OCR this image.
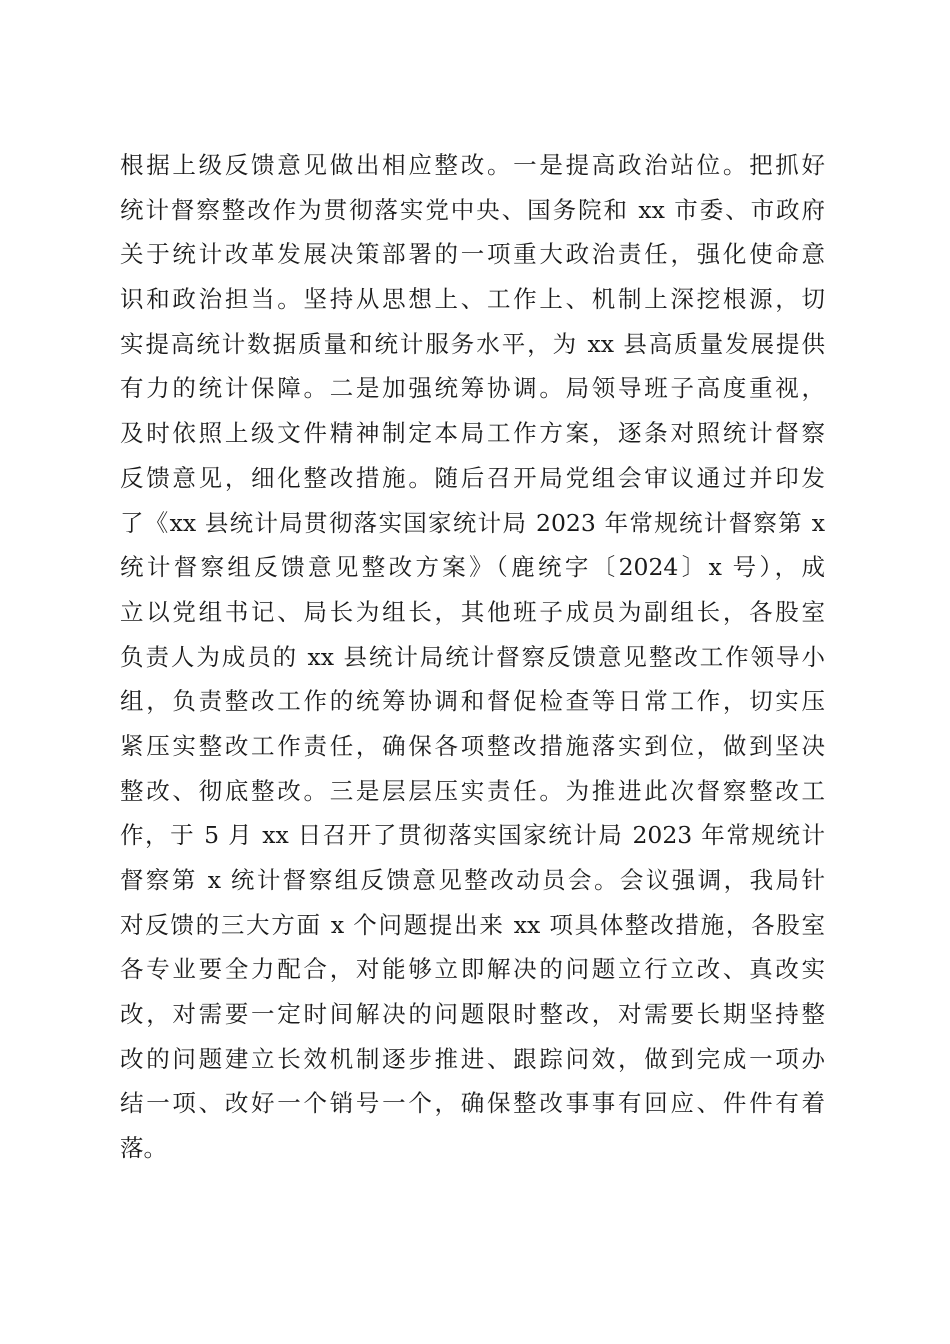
根据上级反馈意见做出相应整改。一是提高政治站位。把抓好
统计督察整改作为贯彻落实党中央、国务院和 xx 市委、市政府
关于统计改革发展决策部署的一项重大政治责任，强化使命意
识和政治担当。坚持从思想上、工作上、机制上深挖根源，切
实提高统计数据质量和统计服务水平，为 xx 县高质量发展提供
有力的统计保障。二是加强统筹协调。局领导班子高度重视，
及时依照上级文件精神制定本局工作方案，逐条对照统计督察
反馈意见，细化整改措施。随后召开局党组会审议通过并印发
了《xx 县统计局贯彻落实国家统计局 2023 年常规统计督察第 x
统计督察组反馈意见整改方案》（鹿统字〔2024〕x 号），成
立以党组书记、局长为组长，其他班子成员为副组长，各股室
负责人为成员的 xx 县统计局统计督察反馈意见整改工作领导小
组，负责整改工作的统筹协调和督促检查等日常工作，切实压
紧压实整改工作责任，确保各项整改措施落实到位，做到坚决
整改、彻底整改。三是层层压实责任。为推进此次督察整改工
作，于 5 月 xx 日召开了贯彻落实国家统计局 2023 年常规统计
督察第 x 统计督察组反馈意见整改动员会。会议强调，我局针
对反馈的三大方面 x 个问题提出来 xx 项具体整改措施，各股室
各专业要全力配合，对能够立即解决的问题立行立改、真改实
改，对需要一定时间解决的问题限时整改，对需要长期坚持整
改的问题建立长效机制逐步推进、跟踪问效，做到完成一项办
结一项、改好一个销号一个，确保整改事事有回应、件件有着
落。
